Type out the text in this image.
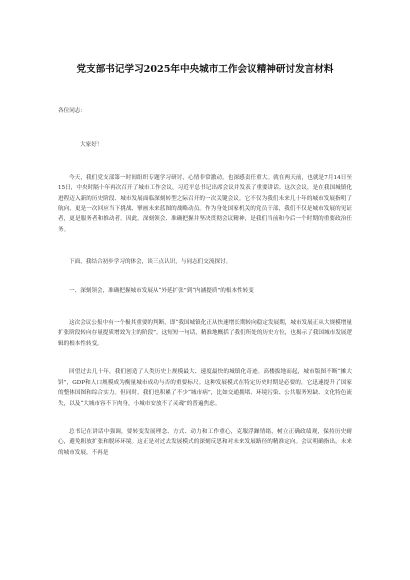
党支部书记学习2025年中央城市工作会议精神研讨发言材料

各位同志：

大家好！

今天，我们党支部第一时间组织专题学习研讨，心情非常激动，也深感责任重大。就在两天前，也就是7月14日至15日，中央时隔十年再次召开了城市工作会议，习近平总书记出席会议并发表了重要讲话。这次会议，是在我国城镇化进程迈入新的历史阶段、城市发展面临深刻转型之际召开的一次关键会议。它不仅为我们未来几十年的城市发展指明了航向，更是一次回应当下挑战、擘画未来蓝图的战略动员。作为身处国家机关的党员干部，我们不仅是城市发展的见证者，更是服务者和推动者。因此，深刻领会、准确把握并坚决贯彻会议精神，是我们当前和今后一个时期的重要政治任务。

下面，我结合初步学习的体会，谈三点认识，与同志们交流探讨。

一、深刻领会，准确把握城市发展从“外延扩张”到“内涵提质”的根本性转变

这次会议公报中有一个极其重要的判断，即“我国城镇化正从快速增长期转向稳定发展期，城市发展正从大规模增量扩张阶段转向存量提质增效为主的阶段”。这短短一句话，精准地概括了我们所处的历史方位，也揭示了我国城市发展逻辑的根本性转变。

回望过去几十年，我们创造了人类历史上规模最大、速度最快的城镇化奇迹。高楼拔地而起，城市版图不断“摊大饼”，GDP和人口规模成为衡量城市成功与否的重要标尺。这种发展模式在特定历史时期是必要的，它迅速提升了国家的整体国图和综合实力。但同时，我们也积累了不少“城市病”，比如交通拥堵、环境污染、公共服务短缺、文化特色流失，以及“大城市容不下肉身，小城市安放不了灵魂”的普遍焦虑。

总书记在讲话中强调，要转变发展理念、方式、动力和工作重心，克服浮躁情绪，树立正确政绩观，保持历史耐心，避免粗放扩张和脱环环境。这正是对过去发展模式的深刻反思和对未来发展路径的精准定向。会议明确指出，未来的城市发展，不再是
